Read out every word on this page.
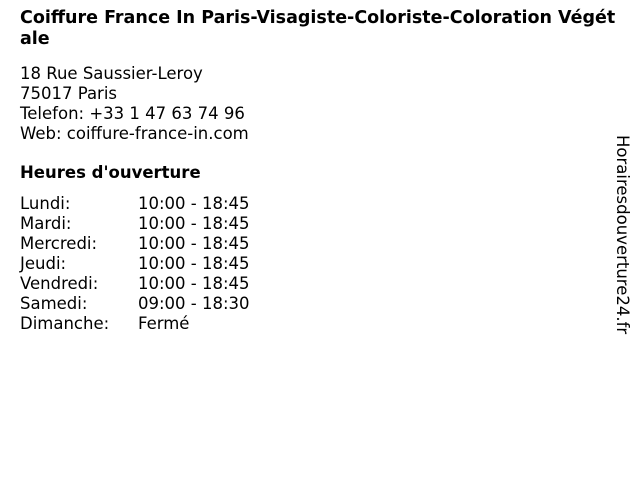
Coiffure France In Paris-Visagiste-Coloriste-Coloration Végétale
18 Rue Saussier-Leroy
75017 Paris
Telefon: +33 1 47 63 74 96
Web: coiffure-france-in.com
Heures d'ouverture
Lundi:	10:00 - 18:45
Mardi:	10:00 - 18:45
Mercredi: 10:00 - 18:45
Jeudi:	10:00 - 18:45
Vendredi: 10:00 - 18:45
Samedi:	09:00 - 18:30
Dimanche: Fermé	Horairesdouverture24.fr
